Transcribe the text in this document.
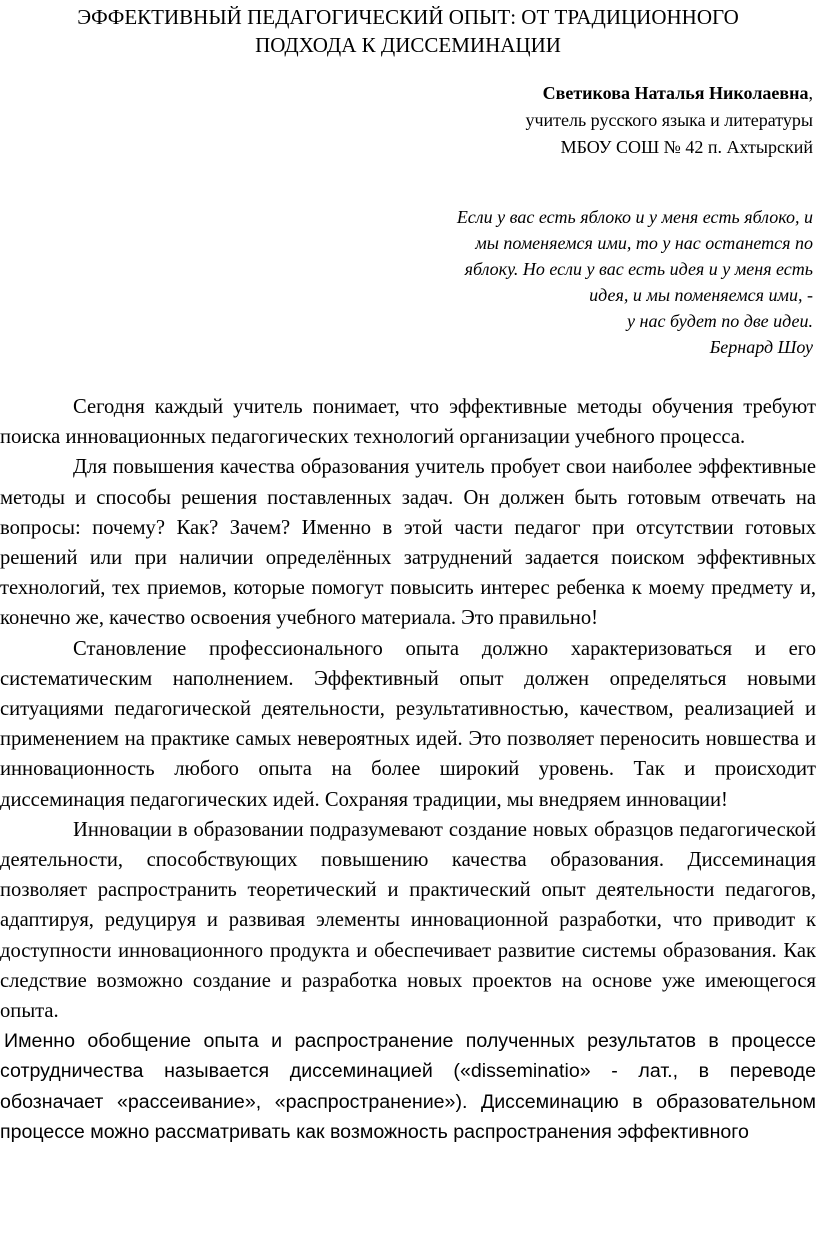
ЭФФЕКТИВНЫЙ ПЕДАГОГИЧЕСКИЙ ОПЫТ: ОТ ТРАДИЦИОННОГО
ПОДХОДА К ДИССЕМИНАЦИИ
Светикова Наталья Николаевна,
учитель русского языка и литературы
МБОУ СОШ № 42 п. Ахтырский
Если у вас есть яблоко и у меня есть яблоко, и
мы поменяемся ими, то у нас останется по
яблоку. Но если у вас есть идея и у меня есть
идея, и мы поменяемся ими, -
у нас будет по две идеи.
Бернард Шоу

Сегодня каждый учитель понимает, что эффективные методы обучения требуют поиска инновационных педагогических технологий организации учебного процесса.

Для повышения качества образования учитель пробует свои наиболее эффективные методы и способы решения поставленных задач. Он должен быть готовым отвечать на вопросы: почему? Как? Зачем? Именно в этой части педагог при отсутствии готовых решений или при наличии определённых затруднений задается поиском эффективных технологий, тех приемов, которые помогут повысить интерес ребенка к моему предмету и, конечно же, качество освоения учебного материала. Это правильно!

Становление профессионального опыта должно характеризоваться и его систематическим наполнением. Эффективный опыт должен определяться новыми ситуациями педагогической деятельности, результативностью, качеством, реализацией и применением на практике самых невероятных идей. Это позволяет переносить новшества и инновационность любого опыта на более широкий уровень. Так и происходит диссеминация педагогических идей. Сохраняя традиции, мы внедряем инновации!

Инновации в образовании подразумевают создание новых образцов педагогической деятельности, способствующих повышению качества образования. Диссеминация позволяет распространить теоретический и практический опыт деятельности педагогов, адаптируя, редуцируя и развивая элементы инновационной разработки, что приводит к доступности инновационного продукта и обеспечивает развитие системы образования. Как следствие возможно создание и разработка новых проектов на основе уже имеющегося опыта.

Именно обобщение опыта и распространение полученных результатов в процессе сотрудничества называется диссеминацией («disseminatio» - лат., в переводе обозначает «рассеивание», «распространение»). Диссеминацию в образовательном процессе можно рассматривать как возможность распространения эффективного
